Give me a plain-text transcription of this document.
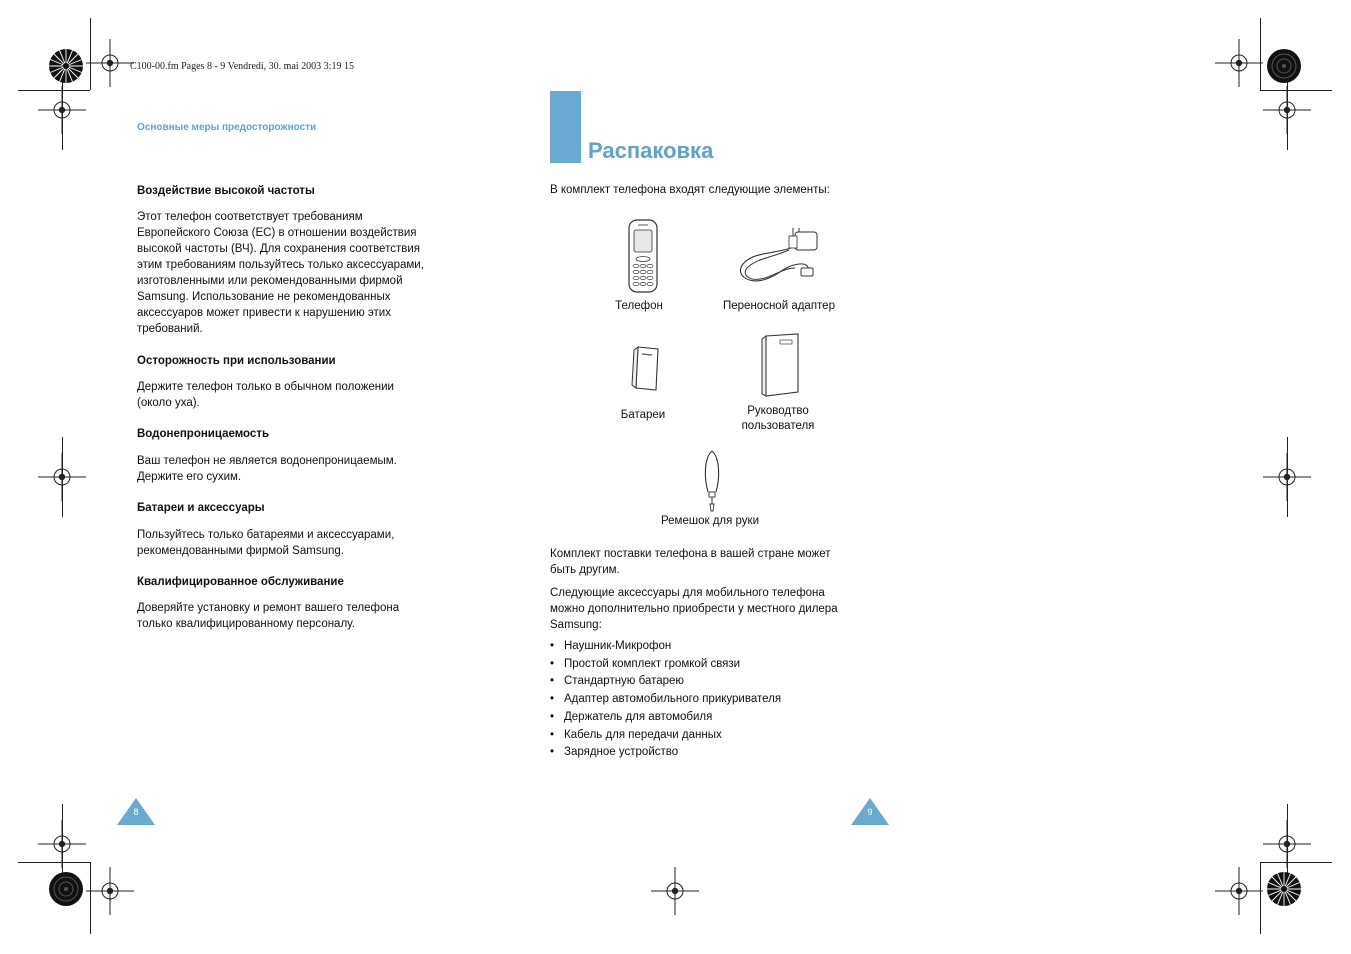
C100-00.fm Pages 8 - 9 Vendredi, 30. mai 2003 3:19 15
Основные меры предосторожности
Воздействие высокой частоты
Этот телефон соответствует требованиям
Европейского Союза (ЕС) в отношении воздействия
высокой частоты (ВЧ). Для сохранения соответствия
этим требованиям пользуйтесь только аксессуарами,
изготовленными или рекомендованными фирмой
Samsung. Использование не рекомендованных
аксессуаров может привести к нарушению этих
требований.
Осторожность при использовании
Держите телефон только в обычном положении
(около уха).
Водонепроницаемость
Ваш телефон не является водонепроницаемым.
Держите его сухим.
Батареи и аксессуары
Пользуйтесь только батареями и аксессуарами,
рекомендованными фирмой Samsung.
Квалифицированное обслуживание
Доверяйте установку и ремонт вашего телефона
только квалифицированному персоналу.
8
Распаковка
В комплект телефона входят следующие элементы:
Телефон	Переносной адаптер
Батареи	Руководтво
пользователя
Ремешок для руки
Комплект поставки телефона в вашей стране может
быть другим.
Следующие аксессуары для мобильного телефона
можно дополнительно приобрести у местного дилера
Samsung:
• Наушник-Микрофон
• Простой комплект громкой связи
• Стандартную батарею
• Адаптер автомобильного прикуривателя
• Держатель для автомобиля
• Кабель для передачи данных
• Зарядное устройство
9
